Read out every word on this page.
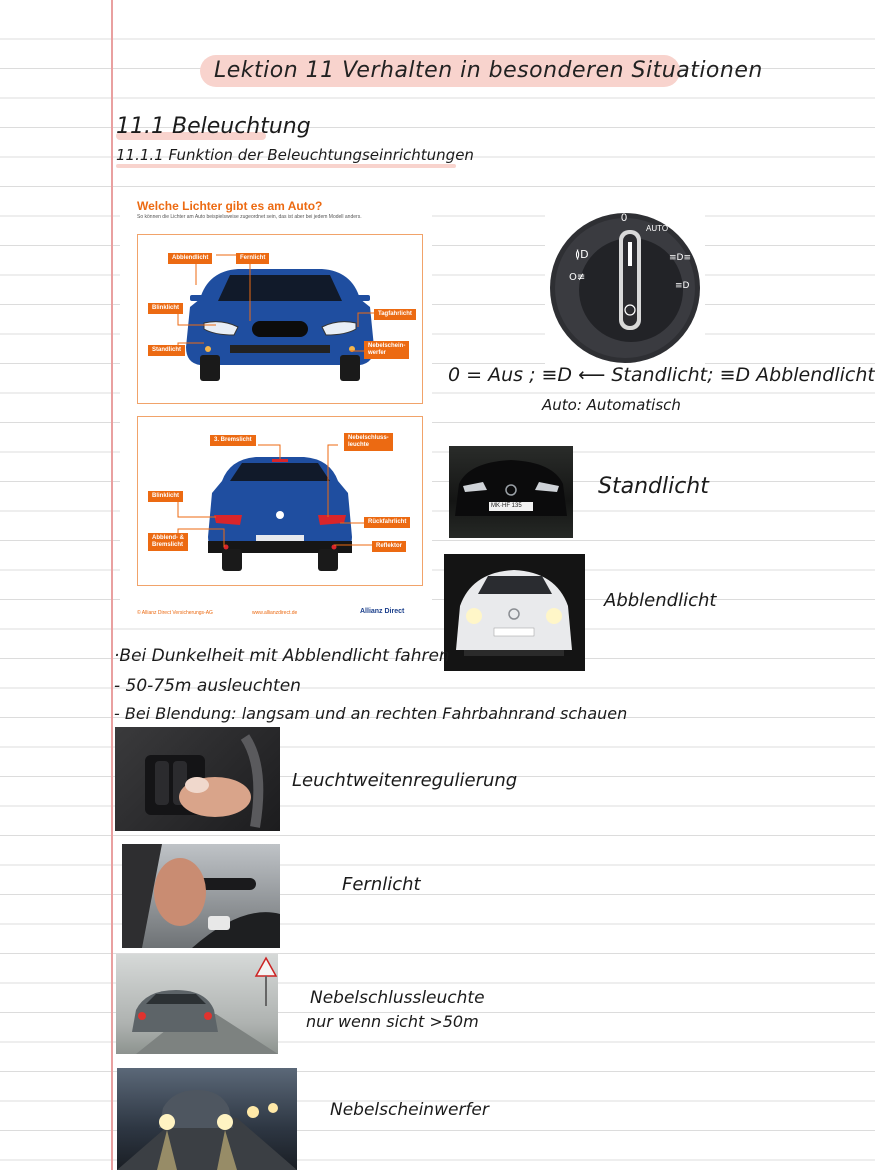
Lektion 11 Verhalten in besonderen Situationen
11.1 Beleuchtung
11.1.1 Funktion der Beleuchtungseinrichtungen
Welche Lichter gibt es am Auto?
So können die Lichter am Auto beispielsweise zugeordnet sein, das ist aber bei jedem Modell anders.
Abblendlicht	Fernlicht
Blinklicht
Tagfahrlicht
Standlicht
Nebelschein-
werfer
3. Bremslicht	Nebelschluss-
leuchte
Blinklicht
Rückfahrlicht
Abblend- &
Bremslicht	Reflektor
© Allianz Direct Versicherungs-AG	www.allianzdirect.de	Allianz Direct
≬D
O≢
≡D≡
≡D
0
AUTO
0 = Aus ; ≡D ⟵ Standlicht; ≡D Abblendlicht
Auto: Automatisch
MK·HF 135
Standlicht
Abblendlicht
·Bei Dunkelheit mit Abblendlicht fahren
- 50-75m ausleuchten
- Bei Blendung: langsam und an rechten Fahrbahnrand schauen
Leuchtweitenregulierung
Fernlicht
Nebelschlussleuchte
nur wenn sicht >50m
Nebelscheinwerfer
